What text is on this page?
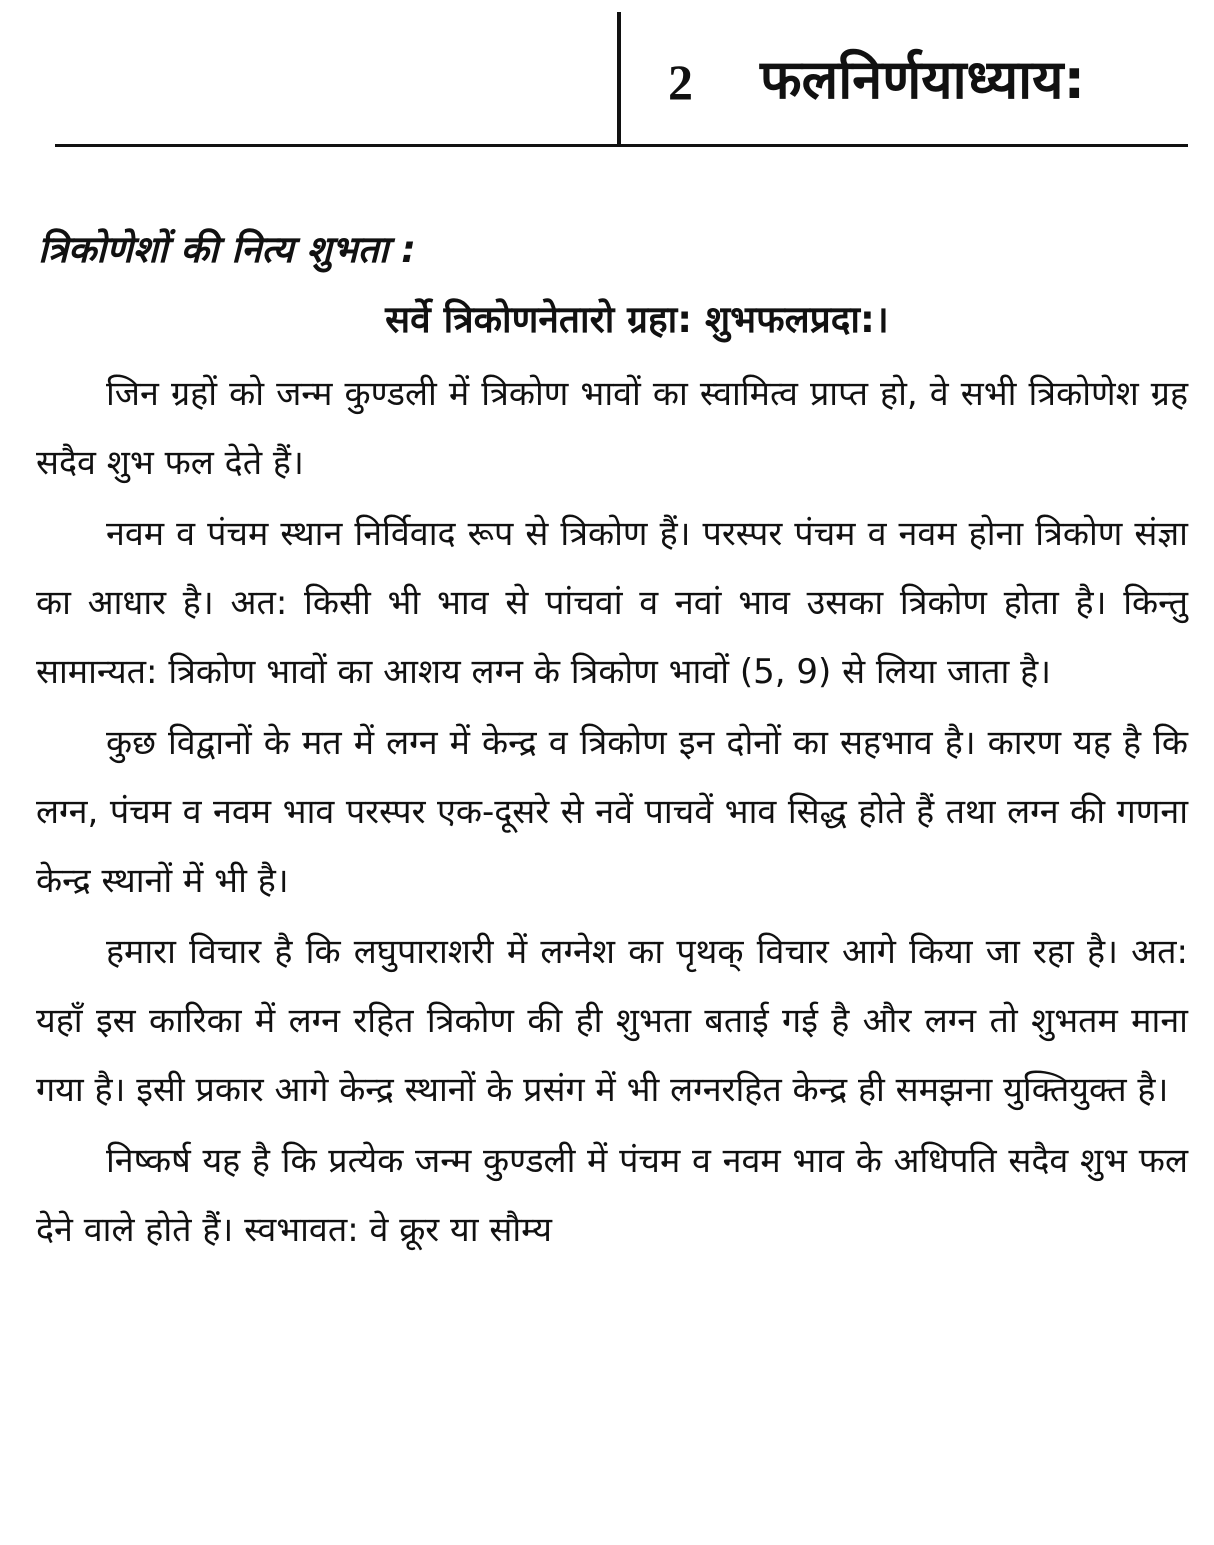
2 फलनिर्णयाध्याय:
त्रिकोणेशों की नित्य शुभता :
सर्वे त्रिकोणनेतारो ग्रहा: शुभफलप्रदा:।

जिन ग्रहों को जन्म कुण्डली में त्रिकोण भावों का स्वामित्व प्राप्त हो, वे सभी त्रिकोणेश ग्रह सदैव शुभ फल देते हैं।

नवम व पंचम स्थान निर्विवाद रूप से त्रिकोण हैं। परस्पर पंचम व नवम होना त्रिकोण संज्ञा का आधार है। अत: किसी भी भाव से पांचवां व नवां भाव उसका त्रिकोण होता है। किन्तु सामान्यत: त्रिकोण भावों का आशय लग्न के त्रिकोण भावों (5, 9) से लिया जाता है।

कुछ विद्वानों के मत में लग्न में केन्द्र व त्रिकोण इन दोनों का सहभाव है। कारण यह है कि लग्न, पंचम व नवम भाव परस्पर एक-दूसरे से नवें पाचवें भाव सिद्ध होते हैं तथा लग्न की गणना केन्द्र स्थानों में भी है।

हमारा विचार है कि लघुपाराशरी में लग्नेश का पृथक् विचार आगे किया जा रहा है। अत: यहाँ इस कारिका में लग्न रहित त्रिकोण की ही शुभता बताई गई है और लग्न तो शुभतम माना गया है। इसी प्रकार आगे केन्द्र स्थानों के प्रसंग में भी लग्नरहित केन्द्र ही समझना युक्तियुक्त है।

निष्कर्ष यह है कि प्रत्येक जन्म कुण्डली में पंचम व नवम भाव के अधिपति सदैव शुभ फल देने वाले होते हैं। स्वभावत: वे क्रूर या सौम्य
